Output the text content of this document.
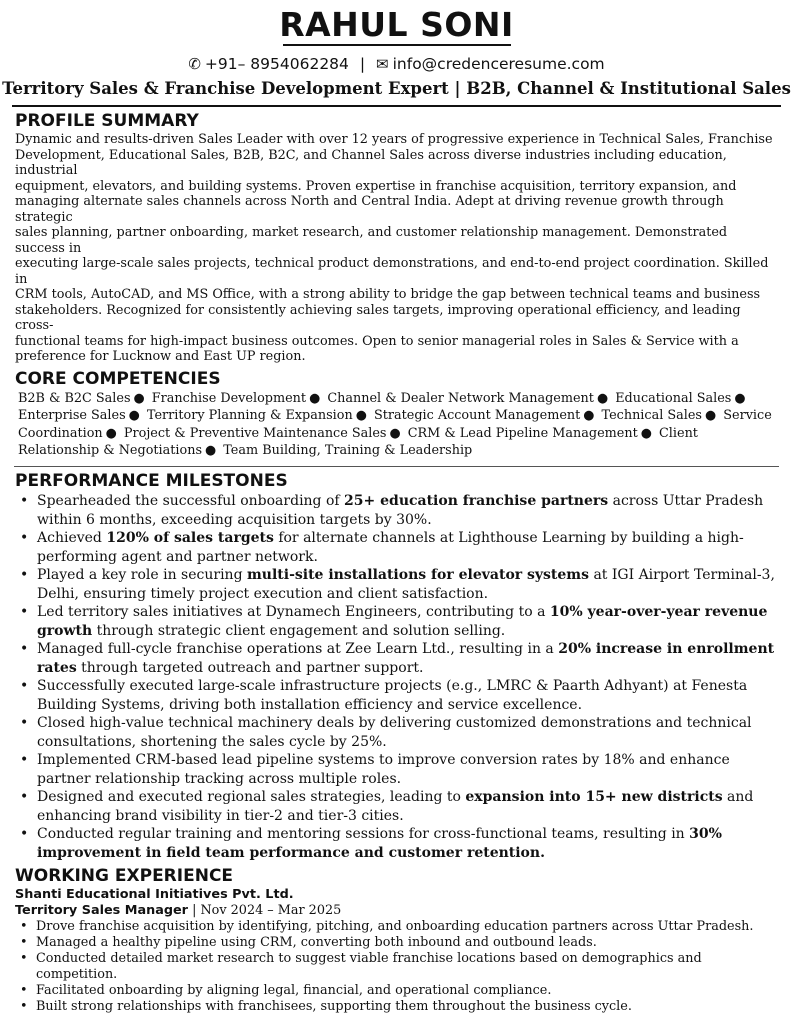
RAHUL SONI
✆ +91– 8954062284 | ✉ info@credenceresume.com
Territory Sales & Franchise Development Expert | B2B, Channel & Institutional Sales
PROFILE SUMMARY
Dynamic and results-driven Sales Leader with over 12 years of progressive experience in Technical Sales, Franchise
Development, Educational Sales, B2B, B2C, and Channel Sales across diverse industries including education, industrial
equipment, elevators, and building systems. Proven expertise in franchise acquisition, territory expansion, and
managing alternate sales channels across North and Central India. Adept at driving revenue growth through strategic
sales planning, partner onboarding, market research, and customer relationship management. Demonstrated success in
executing large-scale sales projects, technical product demonstrations, and end-to-end project coordination. Skilled in
CRM tools, AutoCAD, and MS Office, with a strong ability to bridge the gap between technical teams and business
stakeholders. Recognized for consistently achieving sales targets, improving operational efficiency, and leading cross-
functional teams for high-impact business outcomes. Open to senior managerial roles in Sales & Service with a
preference for Lucknow and East UP region.
CORE COMPETENCIES
B2B & B2C Sales ● Franchise Development ● Channel & Dealer Network Management ● Educational Sales ● Enterprise Sales ● Territory Planning & Expansion ● Strategic Account Management ● Technical Sales ● Service Coordination ● Project & Preventive Maintenance Sales ● CRM & Lead Pipeline Management ● Client Relationship & Negotiations ● Team Building, Training & Leadership
PERFORMANCE MILESTONES
• Spearheaded the successful onboarding of 25+ education franchise partners across Uttar Pradesh within 6 months, exceeding acquisition targets by 30%.
• Achieved 120% of sales targets for alternate channels at Lighthouse Learning by building a high-performing agent and partner network.
• Played a key role in securing multi-site installations for elevator systems at IGI Airport Terminal-3, Delhi, ensuring timely project execution and client satisfaction.
• Led territory sales initiatives at Dynamech Engineers, contributing to a 10% year-over-year revenue growth through strategic client engagement and solution selling.
• Managed full-cycle franchise operations at Zee Learn Ltd., resulting in a 20% increase in enrollment rates through targeted outreach and partner support.
• Successfully executed large-scale infrastructure projects (e.g., LMRC & Paarth Adhyant) at Fenesta Building Systems, driving both installation efficiency and service excellence.
• Closed high-value technical machinery deals by delivering customized demonstrations and technical consultations, shortening the sales cycle by 25%.
• Implemented CRM-based lead pipeline systems to improve conversion rates by 18% and enhance partner relationship tracking across multiple roles.
• Designed and executed regional sales strategies, leading to expansion into 15+ new districts and enhancing brand visibility in tier-2 and tier-3 cities.
• Conducted regular training and mentoring sessions for cross-functional teams, resulting in 30% improvement in field team performance and customer retention.
WORKING EXPERIENCE
Shanti Educational Initiatives Pvt. Ltd.
Territory Sales Manager | Nov 2024 – Mar 2025
• Drove franchise acquisition by identifying, pitching, and onboarding education partners across Uttar Pradesh.
• Managed a healthy pipeline using CRM, converting both inbound and outbound leads.
• Conducted detailed market research to suggest viable franchise locations based on demographics and competition.
• Facilitated onboarding by aligning legal, financial, and operational compliance.
• Built strong relationships with franchisees, supporting them throughout the business cycle.
